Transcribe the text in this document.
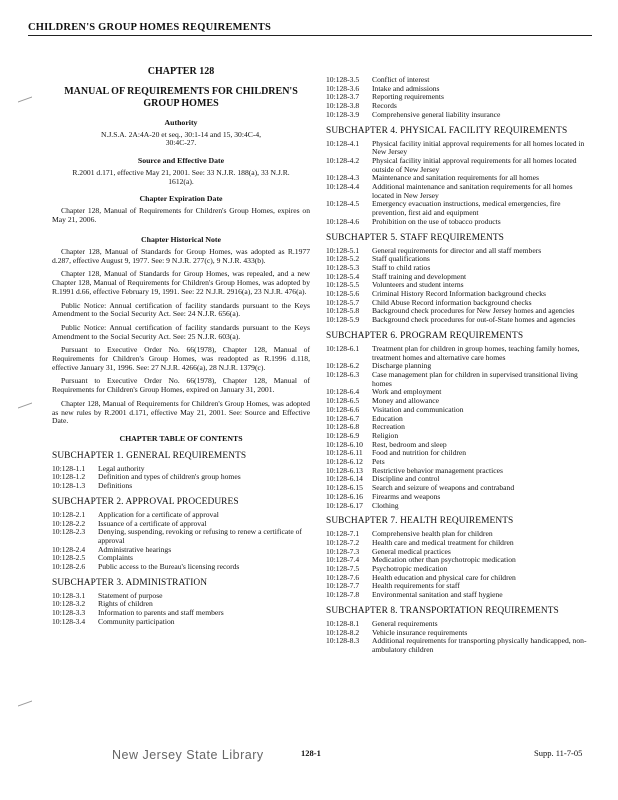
CHILDREN'S GROUP HOMES REQUIREMENTS
CHAPTER 128
MANUAL OF REQUIREMENTS FOR CHILDREN'S GROUP HOMES
Authority
N.J.S.A. 2A:4A-20 et seq., 30:1-14 and 15, 30:4C-4, 30:4C-27.
Source and Effective Date
R.2001 d.171, effective May 21, 2001. See: 33 N.J.R. 188(a), 33 N.J.R. 1612(a).
Chapter Expiration Date
Chapter 128, Manual of Requirements for Children's Group Homes, expires on May 21, 2006.
Chapter Historical Note
Chapter 128, Manual of Standards for Group Homes, was adopted as R.1977 d.287, effective August 9, 1977. See: 9 N.J.R. 277(c), 9 N.J.R. 433(b).
Chapter 128, Manual of Standards for Group Homes, was repealed, and a new Chapter 128, Manual of Requirements for Children's Group Homes, was adopted by R.1991 d.66, effective February 19, 1991. See: 22 N.J.R. 2916(a), 23 N.J.R. 476(a).
Public Notice: Annual certification of facility standards pursuant to the Keys Amendment to the Social Security Act. See: 24 N.J.R. 656(a).
Public Notice: Annual certification of facility standards pursuant to the Keys Amendment to the Social Security Act. See: 25 N.J.R. 603(a).
Pursuant to Executive Order No. 66(1978), Chapter 128, Manual of Requirements for Children's Group Homes, was readopted as R.1996 d.118, effective January 31, 1996. See: 27 N.J.R. 4266(a), 28 N.J.R. 1379(c).
Pursuant to Executive Order No. 66(1978), Chapter 128, Manual of Requirements for Children's Group Homes, expired on January 31, 2001.
Chapter 128, Manual of Requirements for Children's Group Homes, was adopted as new rules by R.2001 d.171, effective May 21, 2001. See: Source and Effective Date.
CHAPTER TABLE OF CONTENTS
SUBCHAPTER 1. GENERAL REQUIREMENTS
10:128-1.1	Legal authority
10:128-1.2	Definition and types of children's group homes
10:128-1.3	Definitions
SUBCHAPTER 2. APPROVAL PROCEDURES
10:128-2.1	Application for a certificate of approval
10:128-2.2	Issuance of a certificate of approval
10:128-2.3	Denying, suspending, revoking or refusing to renew a certificate of approval
10:128-2.4	Administrative hearings
10:128-2.5	Complaints
10:128-2.6	Public access to the Bureau's licensing records
SUBCHAPTER 3. ADMINISTRATION
10:128-3.1	Statement of purpose
10:128-3.2	Rights of children
10:128-3.3	Information to parents and staff members
10:128-3.4	Community participation
10:128-3.5	Conflict of interest
10:128-3.6	Intake and admissions
10:128-3.7	Reporting requirements
10:128-3.8	Records
10:128-3.9	Comprehensive general liability insurance
SUBCHAPTER 4. PHYSICAL FACILITY REQUIREMENTS
10:128-4.1	Physical facility initial approval requirements for all homes located in New Jersey
10:128-4.2	Physical facility initial approval requirements for all homes located outside of New Jersey
10:128-4.3	Maintenance and sanitation requirements for all homes
10:128-4.4	Additional maintenance and sanitation requirements for all homes located in New Jersey
10:128-4.5	Emergency evacuation instructions, medical emergencies, fire prevention, first aid and equipment
10:128-4.6	Prohibition on the use of tobacco products
SUBCHAPTER 5. STAFF REQUIREMENTS
10:128-5.1	General requirements for director and all staff members
10:128-5.2	Staff qualifications
10:128-5.3	Staff to child ratios
10:128-5.4	Staff training and development
10:128-5.5	Volunteers and student interns
10:128-5.6	Criminal History Record Information background checks
10:128-5.7	Child Abuse Record information background checks
10:128-5.8	Background check procedures for New Jersey homes and agencies
10:128-5.9	Background check procedures for out-of-State homes and agencies
SUBCHAPTER 6. PROGRAM REQUIREMENTS
10:128-6.1	Treatment plan for children in group homes, teaching family homes, treatment homes and alternative care homes
10:128-6.2	Discharge planning
10:128-6.3	Case management plan for children in supervised transitional living homes
10:128-6.4	Work and employment
10:128-6.5	Money and allowance
10:128-6.6	Visitation and communication
10:128-6.7	Education
10:128-6.8	Recreation
10:128-6.9	Religion
10:128-6.10	Rest, bedroom and sleep
10:128-6.11	Food and nutrition for children
10:128-6.12	Pets
10:128-6.13	Restrictive behavior management practices
10:128-6.14	Discipline and control
10:128-6.15	Search and seizure of weapons and contraband
10:128-6.16	Firearms and weapons
10:128-6.17	Clothing
SUBCHAPTER 7. HEALTH REQUIREMENTS
10:128-7.1	Comprehensive health plan for children
10:128-7.2	Health care and medical treatment for children
10:128-7.3	General medical practices
10:128-7.4	Medication other than psychotropic medication
10:128-7.5	Psychotropic medication
10:128-7.6	Health education and physical care for children
10:128-7.7	Health requirements for staff
10:128-7.8	Environmental sanitation and staff hygiene
SUBCHAPTER 8. TRANSPORTATION REQUIREMENTS
10:128-8.1	General requirements
10:128-8.2	Vehicle insurance requirements
10:128-8.3	Additional requirements for transporting physically handicapped, non-ambulatory children
New Jersey State Library	128-1	Supp. 11-7-05
